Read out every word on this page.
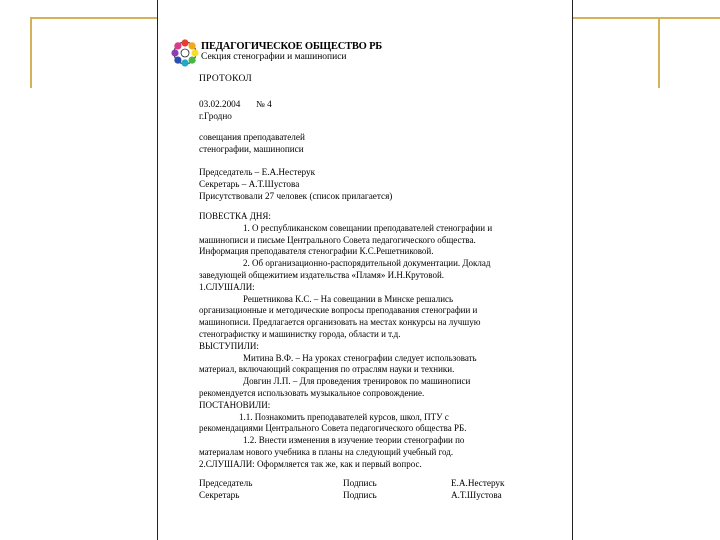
ПЕДАГОГИЧЕСКОЕ ОБЩЕСТВО РБ
Секция стенографии и машинописи
ПРОТОКОЛ
03.02.2004 № 4
г.Гродно
совещания преподавателей
стенографии, машинописи
Председатель – Е.А.Нестерук
Секретарь – А.Т.Шустова
Присутствовали 27 человек (список прилагается)
ПОВЕСТКА ДНЯ:
1. О республиканском совещании преподавателей стенографии и
машинописи и письме Центрального Совета педагогического общества.
Информация преподавателя стенографии К.С.Решетниковой.
2. Об организационно-распорядительной документации. Доклад
заведующей общежитием издательства «Пламя» И.Н.Крутовой.
1.СЛУШАЛИ:
Решетникова К.С. – На совещании в Минске решались
организационные и методические вопросы преподавания стенографии и
машинописи. Предлагается организовать на местах конкурсы на лучшую
стенографистку и машинистку города, области и т.д.
ВЫСТУПИЛИ:
Митина В.Ф. – На уроках стенографии следует использовать
материал, включающий сокращения по отраслям науки и техники.
Довгин Л.П. – Для проведения тренировок по машинописи
рекомендуется использовать музыкальное сопровождение.
ПОСТАНОВИЛИ:
1.1. Познакомить преподавателей курсов, школ, ПТУ с
рекомендациями Центрального Совета педагогического общества РБ.
1.2. Внести изменения в изучение теории стенографии по
материалам нового учебника в планы на следующий учебный год.
2.СЛУШАЛИ: Оформляется так же, как и первый вопрос.
Председатель	Подпись	Е.А.Нестерук
Секретарь	Подпись	А.Т.Шустова
